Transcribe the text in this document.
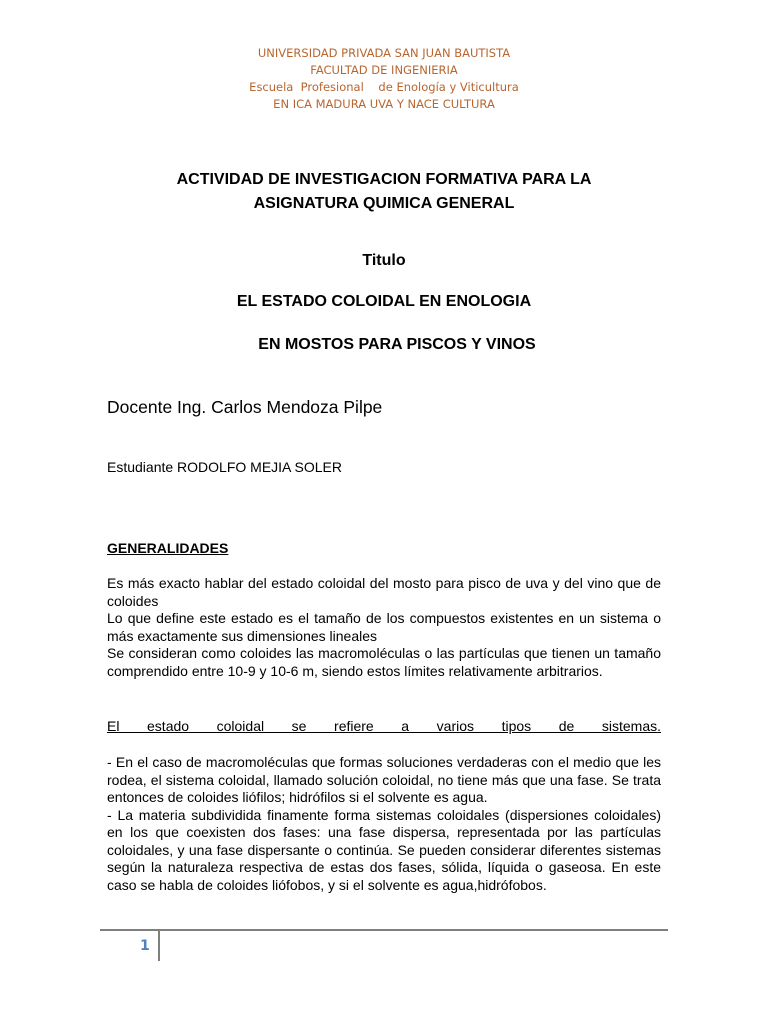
UNIVERSIDAD PRIVADA SAN JUAN BAUTISTA
FACULTAD DE INGENIERIA
Escuela  Profesional    de Enología y Viticultura
EN ICA MADURA UVA Y NACE CULTURA
ACTIVIDAD DE INVESTIGACION FORMATIVA PARA LA
ASIGNATURA QUIMICA GENERAL
Titulo
EL ESTADO COLOIDAL EN ENOLOGIA
EN MOSTOS PARA PISCOS Y VINOS
Docente Ing. Carlos Mendoza Pilpe
Estudiante RODOLFO MEJIA SOLER
GENERALIDADES

Es más exacto hablar del estado coloidal del mosto para pisco de uva y del vino que de coloides

Lo que define este estado es el tamaño de los compuestos existentes en un sistema o más exactamente sus dimensiones lineales

Se consideran como coloides las macromoléculas o las partículas que tienen un tamaño comprendido entre 10-9 y 10-6 m, siendo estos límites relativamente arbitrarios.

El estado coloidal se refiere a varios tipos de sistemas.

- En el caso de macromoléculas que formas soluciones verdaderas con el medio que les rodea, el sistema coloidal, llamado solución coloidal, no tiene más que una fase. Se trata entonces de coloides liófilos; hidrófilos si el solvente es agua.

- La materia subdividida finamente forma sistemas coloidales (dispersiones coloidales) en los que coexisten dos fases: una fase dispersa, representada por las partículas coloidales, y una fase dispersante o continúa. Se pueden considerar diferentes sistemas según la naturaleza respectiva de estas dos fases, sólida, líquida o gaseosa. En este caso se habla de coloides liófobos, y si el solvente es agua,hidrófobos.

1
